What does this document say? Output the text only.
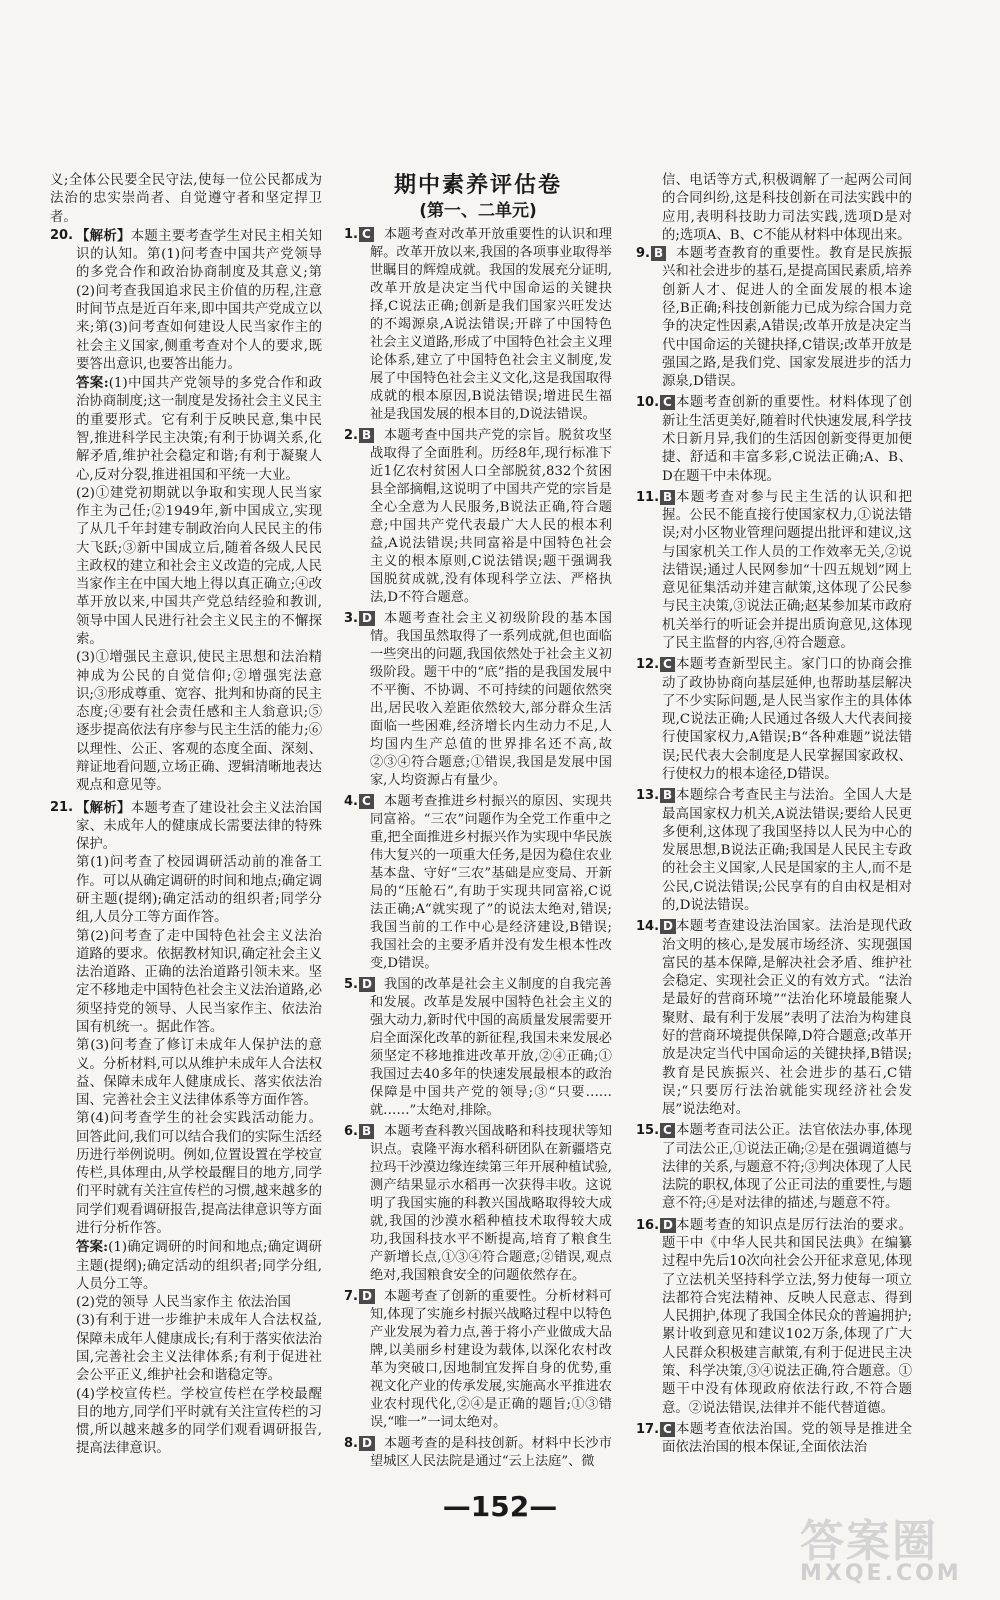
义;全体公民要全民守法,使每一位公民都成为法治的忠实崇尚者、自觉遵守者和坚定捍卫者。

20. 【解析】本题主要考查学生对民主相关知识的认知。第(1)问考查中国共产党领导的多党合作和政治协商制度及其意义;第(2)问考查我国追求民主价值的历程,注意时间节点是近百年来,即中国共产党成立以来;第(3)问考查如何建设人民当家作主的社会主义国家,侧重考查对个人的要求,既要答出意识,也要答出能力。

答案:(1)中国共产党领导的多党合作和政治协商制度;这一制度是发扬社会主义民主的重要形式。它有利于反映民意,集中民智,推进科学民主决策;有利于协调关系,化解矛盾,维护社会稳定和谐;有利于凝聚人心,反对分裂,推进祖国和平统一大业。

(2)①建党初期就以争取和实现人民当家作主为己任;②1949年,新中国成立,实现了从几千年封建专制政治向人民民主的伟大飞跃;③新中国成立后,随着各级人民民主政权的建立和社会主义改造的完成,人民当家作主在中国大地上得以真正确立;④改革开放以来,中国共产党总结经验和教训,领导中国人民进行社会主义民主的不懈探索。

(3)①增强民主意识,使民主思想和法治精神成为公民的自觉信仰;②增强宪法意识;③形成尊重、宽容、批判和协商的民主态度;④要有社会责任感和主人翁意识;⑤逐步提高依法有序参与民主生活的能力;⑥以理性、公正、客观的态度全面、深刻、辩证地看问题,立场正确、逻辑清晰地表达观点和意见等。

21. 【解析】本题考查了建设社会主义法治国家、未成年人的健康成长需要法律的特殊保护。

第(1)问考查了校园调研活动前的准备工作。可以从确定调研的时间和地点;确定调研主题(提纲);确定活动的组织者;同学分组,人员分工等方面作答。

第(2)问考查了走中国特色社会主义法治道路的要求。依据教材知识,确定社会主义法治道路、正确的法治道路引领未来。坚定不移地走中国特色社会主义法治道路,必须坚持党的领导、人民当家作主、依法治国有机统一。据此作答。

第(3)问考查了修订未成年人保护法的意义。分析材料,可以从维护未成年人合法权益、保障未成年人健康成长、落实依法治国、完善社会主义法律体系等方面作答。

第(4)问考查学生的社会实践活动能力。回答此问,我们可以结合我们的实际生活经历进行举例说明。例如,位置设置在学校宣传栏,具体理由,从学校最醒目的地方,同学们平时就有关注宣传栏的习惯,越来越多的同学们观看调研报告,提高法律意识等方面进行分析作答。

答案:(1)确定调研的时间和地点;确定调研主题(提纲);确定活动的组织者;同学分组,人员分工等。

(2)党的领导 人民当家作主 依法治国

(3)有利于进一步维护未成年人合法权益,保障未成年人健康成长;有利于落实依法治国,完善社会主义法律体系;有利于促进社会公平正义,维护社会和谐稳定等。

(4)学校宣传栏。学校宣传栏在学校最醒目的地方,同学们平时就有关注宣传栏的习惯,所以越来越多的同学们观看调研报告,提高法律意识。

期中素养评估卷

(第一、二单元)

1. C	本题考查对改革开放重要性的认识和理解。改革开放以来,我国的各项事业取得举世瞩目的辉煌成就。我国的发展充分证明,改革开放是决定当代中国命运的关键抉择,C说法正确;创新是我们国家兴旺发达的不竭源泉,A说法错误;开辟了中国特色社会主义道路,形成了中国特色社会主义理论体系,建立了中国特色社会主义制度,发展了中国特色社会主义文化,这是我国取得成就的根本原因,B说法错误;增进民生福祉是我国发展的根本目的,D说法错误。

2. B 本题考查中国共产党的宗旨。脱贫攻坚战取得了全面胜利。历经8年,现行标准下近1亿农村贫困人口全部脱贫,832个贫困县全部摘帽,这说明了中国共产党的宗旨是全心全意为人民服务,B说法正确,符合题意;中国共产党代表最广大人民的根本利益,A说法错误;共同富裕是中国特色社会主义的根本原则,C说法错误;题干强调我国脱贫成就,没有体现科学立法、严格执法,D不符合题意。

3. D 本题考查社会主义初级阶段的基本国情。我国虽然取得了一系列成就,但也面临一些突出的问题,我国依然处于社会主义初级阶段。题干中的“底”指的是我国发展中不平衡、不协调、不可持续的问题依然突出,居民收入差距依然较大,部分群众生活面临一些困难,经济增长内生动力不足,人均国内生产总值的世界排名还不高,故②③④符合题意;①错误,我国是发展中国家,人均资源占有量少。

4. C	本题考查推进乡村振兴的原因、实现共同富裕。“三农”问题作为全党工作重中之重,把全面推进乡村振兴作为实现中华民族伟大复兴的一项重大任务,是因为稳住农业基本盘、守好“三农”基础是应变局、开新局的“压舱石”,有助于实现共同富裕,C说法正确;A“就实现了”的说法太绝对,错误;我国当前的工作中心是经济建设,B错误;我国社会的主要矛盾并没有发生根本性改变,D错误。

5. D 我国的改革是社会主义制度的自我完善和发展。改革是发展中国特色社会主义的强大动力,新时代中国的高质量发展需要开启全面深化改革的新征程,我国未来发展必须坚定不移地推进改革开放,②④正确;①我国过去40多年的快速发展最根本的政治保障是中国共产党的领导;③“只要……就……”太绝对,排除。

6. B 本题考查科教兴国战略和科技现状等知识点。袁隆平海水稻科研团队在新疆塔克拉玛干沙漠边缘连续第三年开展种植试验,测产结果显示水稻再一次获得丰收。这说明了我国实施的科教兴国战略取得较大成就,我国的沙漠水稻种植技术取得较大成功,我国科技水平不断提高,培育了粮食生产新增长点,①③④符合题意;②错误,观点绝对,我国粮食安全的问题依然存在。

7. D 本题考查了创新的重要性。分析材料可知,体现了实施乡村振兴战略过程中以特色产业发展为着力点,善于将小产业做成大品牌,以美丽乡村建设为载体,以深化农村改革为突破口,因地制宜发挥自身的优势,重视文化产业的传承发展,实施高水平推进农业农村现代化,②④是正确的题旨;①③错误,“唯一”一词太绝对。

8. D 本题考查的是科技创新。材料中长沙市望城区人民法院是通过“云上法庭”、微

信、电话等方式,积极调解了一起两公司间的合同纠纷,这是科技创新在司法实践中的应用,表明科技助力司法实践,选项D是对的;选项A、B、C不能从材料中体现出来。

9. B 本题考查教育的重要性。教育是民族振兴和社会进步的基石,是提高国民素质,培养创新人才、促进人的全面发展的根本途径,B正确;科技创新能力已成为综合国力竞争的决定性因素,A错误;改革开放是决定当代中国命运的关键抉择,C错误;改革开放是强国之路,是我们党、国家发展进步的活力源泉,D错误。

10. C 本题考查创新的重要性。材料体现了创新让生活更美好,随着时代快速发展,科学技术日新月异,我们的生活因创新变得更加便捷、舒适和丰富多彩,C说法正确;A、B、D在题干中未体现。

11. B 本题考查对参与民主生活的认识和把握。公民不能直接行使国家权力,①说法错误;对小区物业管理问题提出批评和建议,这与国家机关工作人员的工作效率无关,②说法错误;通过人民网参加“十四五规划”网上意见征集活动并建言献策,这体现了公民参与民主决策,③说法正确;赵某参加某市政府机关举行的听证会并提出质询意见,这体现了民主监督的内容,④符合题意。

12. C 本题考查新型民主。家门口的协商会推动了政协协商向基层延伸,也帮助基层解决了不少实际问题,是人民当家作主的具体体现,C说法正确;人民通过各级人大代表间接行使国家权力,A错误;B“各种难题”说法错误;民代表大会制度是人民掌握国家政权、行使权力的根本途径,D错误。

13. B 本题综合考查民主与法治。全国人大是最高国家权力机关,A说法错误;要给人民更多便利,这体现了我国坚持以人民为中心的发展思想,B说法正确;我国是人民民主专政的社会主义国家,人民是国家的主人,而不是公民,C说法错误;公民享有的自由权是相对的,D说法错误。

14. D 本题考查建设法治国家。法治是现代政治文明的核心,是发展市场经济、实现强国富民的基本保障,是解决社会矛盾、维护社会稳定、实现社会正义的有效方式。“法治是最好的营商环境”“法治化环境最能聚人聚财、最有利于发展”表明了法治为构建良好的营商环境提供保障,D符合题意;改革开放是决定当代中国命运的关键抉择,B错误;教育是民族振兴、社会进步的基石,C错误;“只要厉行法治就能实现经济社会发展”说法绝对。

15. C 本题考查司法公正。法官依法办事,体现了司法公正,①说法正确;②是在强调道德与法律的关系,与题意不符;③判决体现了人民法院的职权,体现了公正司法的重要性,与题意不符;④是对法律的描述,与题意不符。

16. D 本题考查的知识点是厉行法治的要求。题干中《中华人民共和国民法典》在编纂过程中先后10次向社会公开征求意见,体现了立法机关坚持科学立法,努力使每一项立法都符合宪法精神、反映人民意志、得到人民拥护,体现了我国全体民众的普遍拥护;累计收到意见和建议102万条,体现了广大人民群众积极建言献策,有利于促进民主决策、科学决策,③④说法正确,符合题意。①题干中没有体现政府依法行政,不符合题意。②说法错误,法律并不能代替道德。

17. C 本题考查依法治国。党的领导是推进全面依法治国的根本保证,全面依法治

—152—
答案圈
MXQE.COM
